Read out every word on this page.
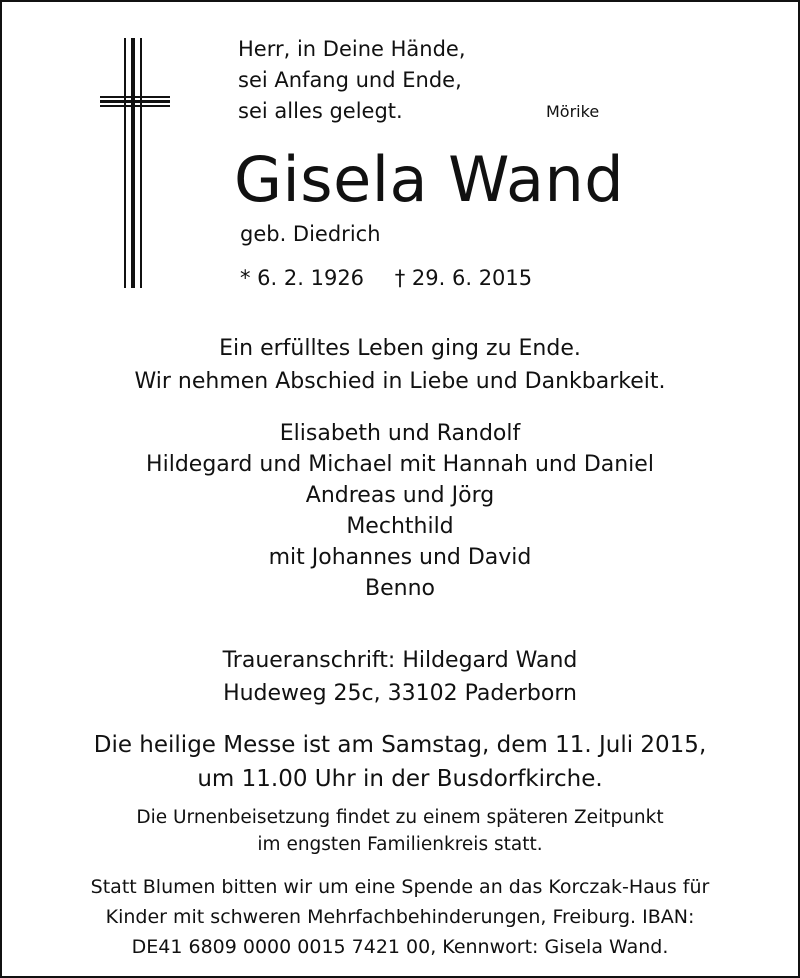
Herr, in Deine Hände,
sei Anfang und Ende,
sei alles gelegt.	Mörike
Gisela Wand
geb. Diedrich
* 6. 2. 1926 † 29. 6. 2015
Ein erfülltes Leben ging zu Ende.
Wir nehmen Abschied in Liebe und Dankbarkeit.
Elisabeth und Randolf
Hildegard und Michael mit Hannah und Daniel
Andreas und Jörg
Mechthild
mit Johannes und David
Benno
Traueranschrift: Hildegard Wand
Hudeweg 25c, 33102 Paderborn
Die heilige Messe ist am Samstag, dem 11. Juli 2015,
um 11.00 Uhr in der Busdorfkirche.
Die Urnenbeisetzung findet zu einem späteren Zeitpunkt
im engsten Familienkreis statt.
Statt Blumen bitten wir um eine Spende an das Korczak-Haus für
Kinder mit schweren Mehrfachbehinderungen, Freiburg. IBAN:
DE41 6809 0000 0015 7421 00, Kennwort: Gisela Wand.
